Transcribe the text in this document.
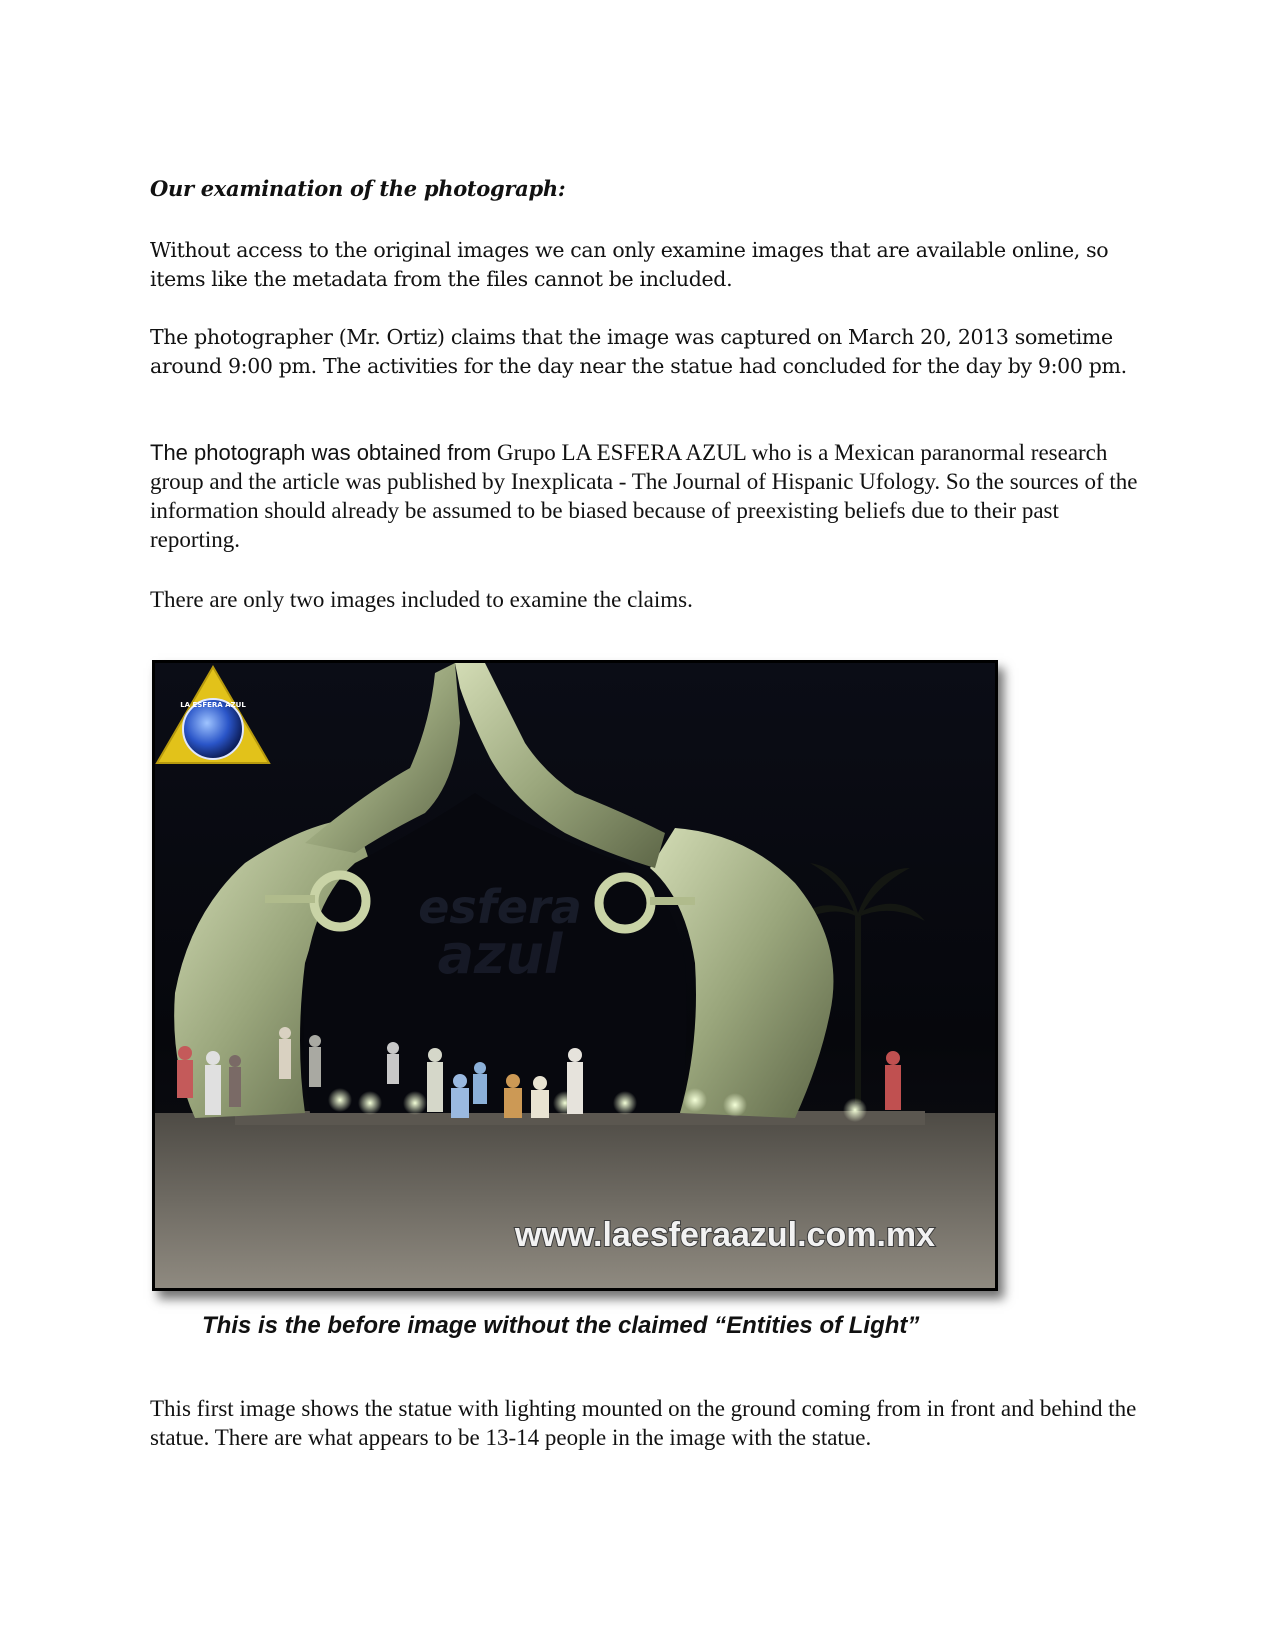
Our examination of the photograph:

Without access to the original images we can only examine images that are available online, so items like the metadata from the files cannot be included.

The photographer (Mr. Ortiz) claims that the image was captured on March 20, 2013 sometime around 9:00 pm. The activities for the day near the statue had concluded for the day by 9:00 pm.

The photograph was obtained from Grupo LA ESFERA AZUL who is a Mexican paranormal research group and the article was published by Inexplicata - The Journal of Hispanic Ufology. So the sources of the information should already be assumed to be biased because of preexisting beliefs due to their past reporting.

There are only two images included to examine the claims.

esfera
azul
LA ESFERA AZUL
www.laesferaazul.com.mx

This is the before image without the claimed “Entities of Light”

This first image shows the statue with lighting mounted on the ground coming from in front and behind the statue. There are what appears to be 13-14 people in the image with the statue.
